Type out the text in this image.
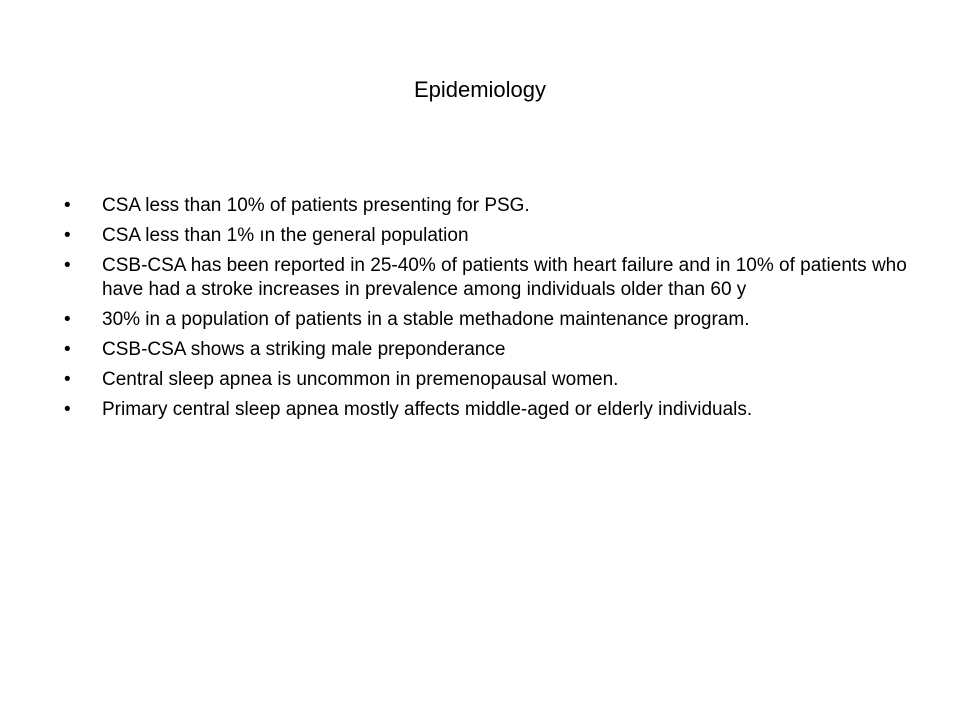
Epidemiology
•	CSA less than 10% of patients presenting for PSG.
•	CSA less than 1% ın the general population
•	CSB-CSA has been reported in 25-40% of patients with heart failure and in 10% of patients who have had a stroke increases in prevalence among individuals older than 60 y
•	30% in a population of patients in a stable methadone maintenance program.
•	CSB-CSA shows a striking male preponderance
•	Central sleep apnea is uncommon in premenopausal women.
•	Primary central sleep apnea mostly affects middle-aged or elderly individuals.
